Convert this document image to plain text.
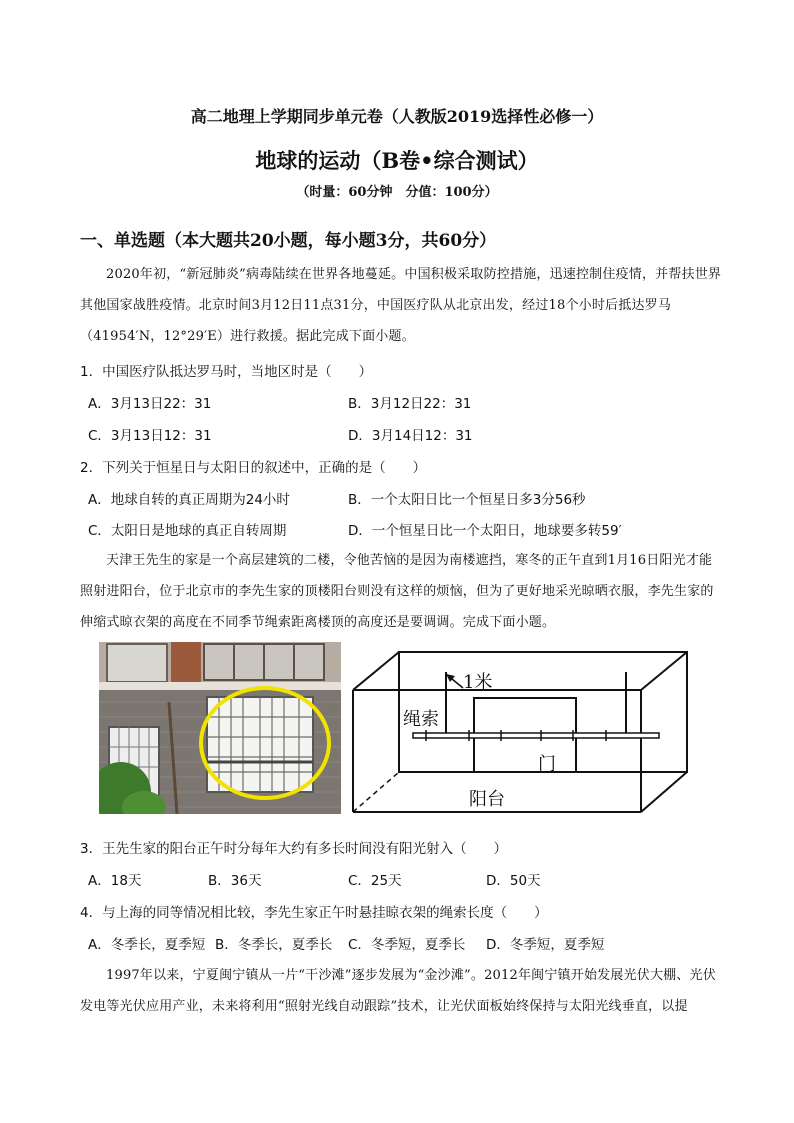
高二地理上学期同步单元卷（人教版2019选择性必修一）
地球的运动（B卷•综合测试）
（时量：60分钟　分值：100分）
一、单选题（本大题共20小题，每小题3分，共60分）
2020年初，“新冠肺炎”病毒陆续在世界各地蔓延。中国积极采取防控措施，迅速控制住疫情，并帮扶世界其他国家战胜疫情。北京时间3月12日11点31分，中国医疗队从北京出发，经过18个小时后抵达罗马（41954′N，12°29′E）进行救援。据此完成下面小题。
1．中国医疗队抵达罗马时，当地区时是（　　）
A．3月13日22：31	B．3月12日22：31
C．3月13日12：31	D．3月14日12：31
2．下列关于恒星日与太阳日的叙述中，正确的是（　　）
A．地球自转的真正周期为24小时	B．一个太阳日比一个恒星日多3分56秒
C．太阳日是地球的真正自转周期	D．一个恒星日比一个太阳日，地球要多转59′
天津王先生的家是一个高层建筑的二楼，令他苦恼的是因为南楼遮挡，寒冬的正午直到1月16日阳光才能照射进阳台，位于北京市的李先生家的顶楼阳台则没有这样的烦恼，但为了更好地采光晾晒衣服，李先生家的伸缩式晾衣架的高度在不同季节绳索距离楼顶的高度还是要调调。完成下面小题。
1米
绳索
门
阳台
3．王先生家的阳台正午时分每年大约有多长时间没有阳光射入（　　）
A．18天	B．36天	C．25天	D．50天
4．与上海的同等情况相比较，李先生家正午时悬挂晾衣架的绳索长度（　　）
A．冬季长，夏季短 B．冬季长，夏季长 C．冬季短，夏季长 D．冬季短，夏季短
1997年以来，宁夏闽宁镇从一片“干沙滩”逐步发展为“金沙滩”。2012年闽宁镇开始发展光伏大棚、光伏发电等光伏应用产业，未来将利用“照射光线自动跟踪”技术，让光伏面板始终保持与太阳光线垂直，以提
